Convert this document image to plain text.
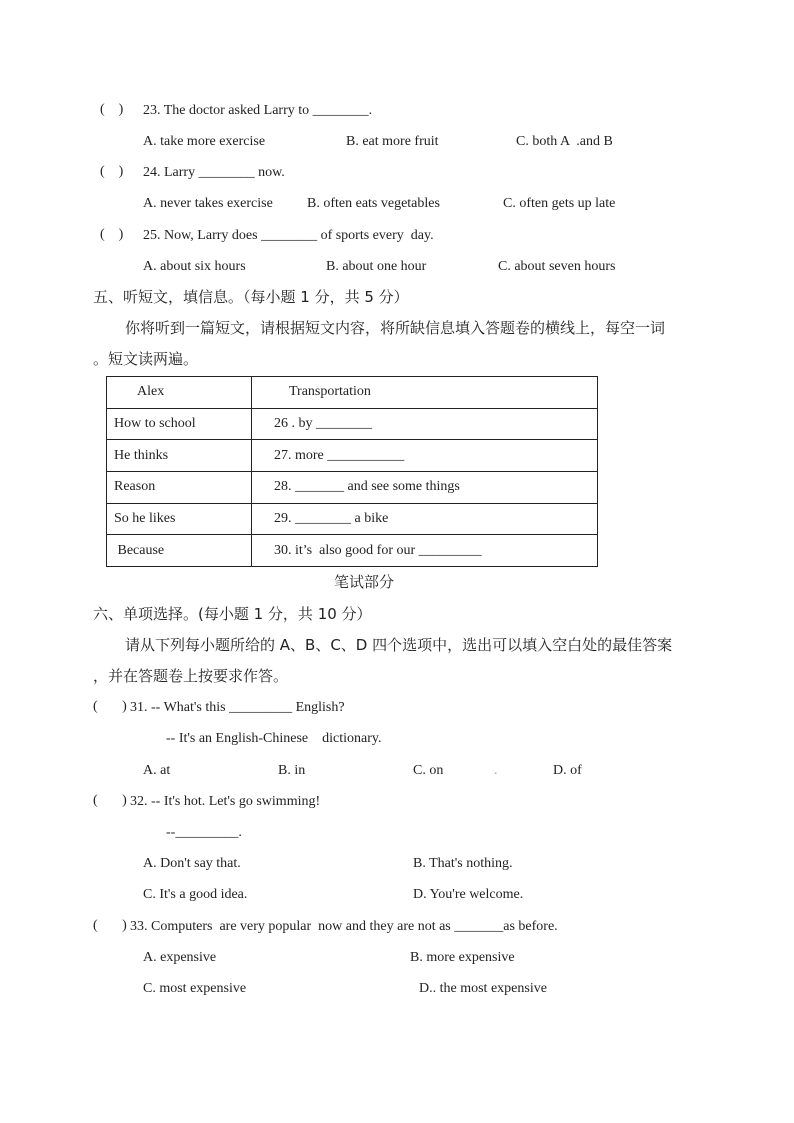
(    ) 23. The doctor asked Larry to ________.
A. take more exercise	B. eat more fruit	C. both A  .and B
(    ) 24. Larry ________ now.
A. never takes exercise B. often eats vegetables	C. often gets up late
(    ) 25. Now, Larry does ________ of sports every  day.
A. about six hours	B. about one hour	C. about seven hours
五、听短文，填信息。（每小题 1 分，共 5 分）
你将听到一篇短文，请根据短文内容，将所缺信息填入答题卷的横线上，每空一词
。短文读两遍。
Alex	Transportation
How to school	26 . by ________
He thinks	27. more ___________
Reason	28. _______ and see some things
So he likes	29. ________ a bike
Because	30. it’s  also good for our _________
笔试部分
六、单项选择。(每小题 1 分，共 10 分）
请从下列每小题所给的 A、B、C、D 四个选项中，选出可以填入空白处的最佳答案
，并在答题卷上按要求作答。
(       ) 31. -- What's this _________ English?
-- It's an English-Chinese    dictionary.
A. at	B. in	C. on	.	D. of
(       ) 32. -- It's hot. Let's go swimming!
--_________.
A. Don't say that.	B. That's nothing.
C. It's a good idea.	D. You're welcome.
(       ) 33. Computers  are very popular  now and they are not as _______as before.
A. expensive	B. more expensive
C. most expensive	D.. the most expensive
